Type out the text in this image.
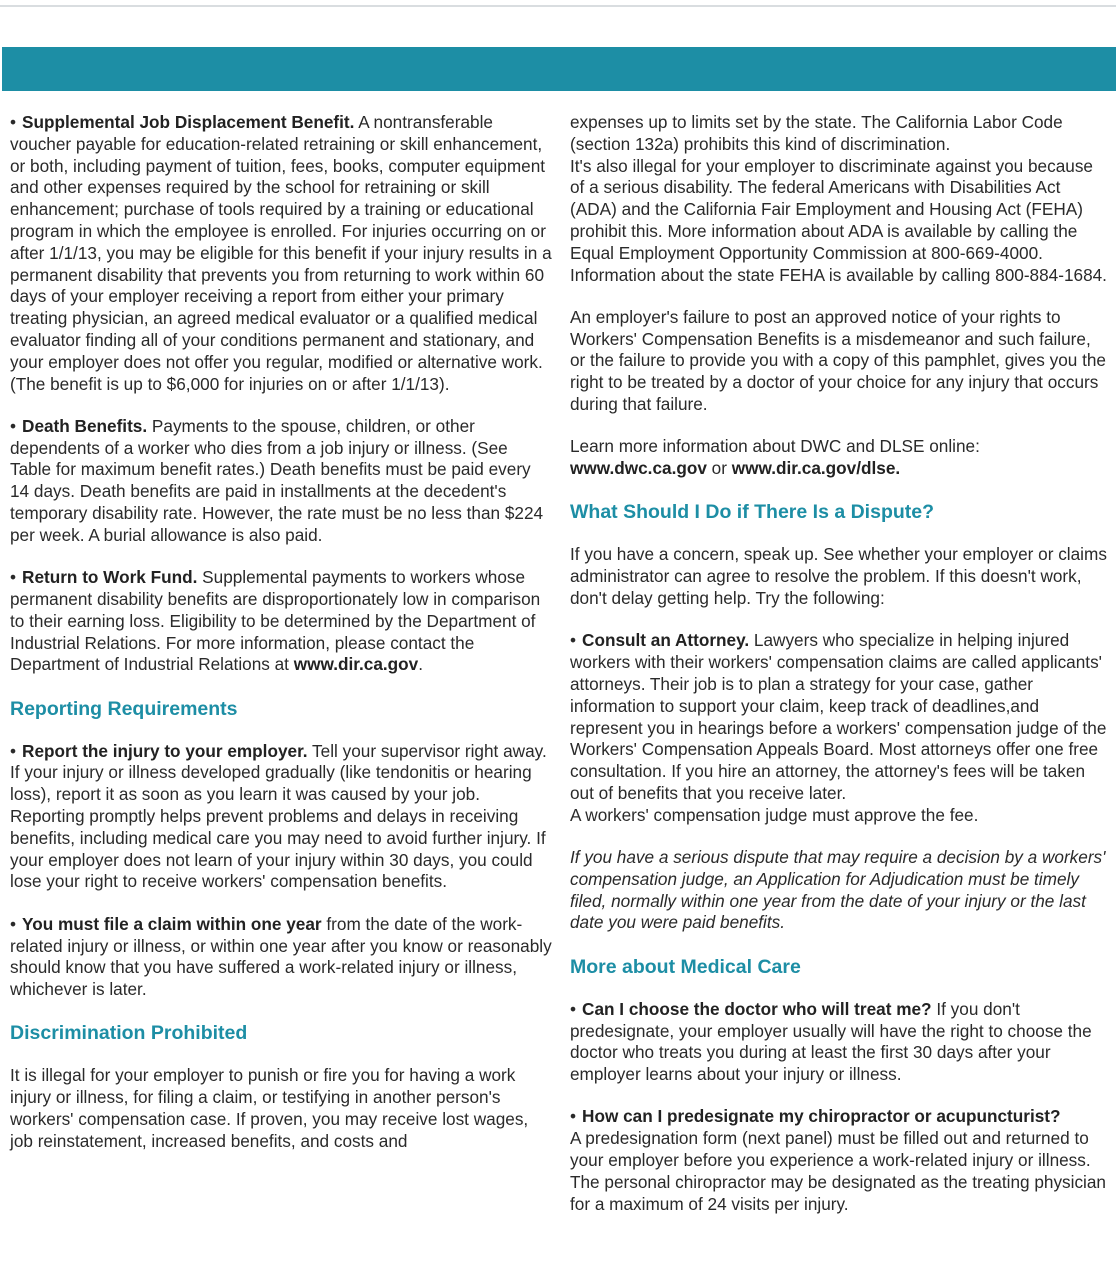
• Supplemental Job Displacement Benefit. A nontransferable voucher payable for education-related retraining or skill enhancement, or both, including payment of tuition, fees, books, computer equipment and other expenses required by the school for retraining or skill enhancement; purchase of tools required by a training or educational program in which the employee is enrolled. For injuries occurring on or after 1/1/13, you may be eligible for this benefit if your injury results in a permanent disability that prevents you from returning to work within 60 days of your employer receiving a report from either your primary treating physician, an agreed medical evaluator or a qualified medical evaluator finding all of your conditions permanent and stationary, and your employer does not offer you regular, modified or alternative work. (The benefit is up to $6,000 for injuries on or after 1/1/13).

• Death Benefits. Payments to the spouse, children, or other dependents of a worker who dies from a job injury or illness. (See Table for maximum benefit rates.) Death benefits must be paid every 14 days. Death benefits are paid in installments at the decedent's temporary disability rate. However, the rate must be no less than $224 per week. A burial allowance is also paid.

• Return to Work Fund. Supplemental payments to workers whose permanent disability benefits are disproportionately low in comparison to their earning loss. Eligibility to be determined by the Department of Industrial Relations. For more information, please contact the Department of Industrial Relations at www.dir.ca.gov.

Reporting Requirements

• Report the injury to your employer. Tell your supervisor right away. If your injury or illness developed gradually (like tendonitis or hearing loss), report it as soon as you learn it was caused by your job. Reporting promptly helps prevent problems and delays in receiving benefits, including medical care you may need to avoid further injury. If your employer does not learn of your injury within 30 days, you could lose your right to receive workers' compensation benefits.

• You must file a claim within one year from the date of the work-related injury or illness, or within one year after you know or reasonably should know that you have suffered a work-related injury or illness, whichever is later.

Discrimination Prohibited

It is illegal for your employer to punish or fire you for having a work injury or illness, for filing a claim, or testifying in another person's workers' compensation case. If proven, you may receive lost wages, job reinstatement, increased benefits, and costs and

expenses up to limits set by the state. The California Labor Code (section 132a) prohibits this kind of discrimination.

It's also illegal for your employer to discriminate against you because of a serious disability. The federal Americans with Disabilities Act (ADA) and the California Fair Employment and Housing Act (FEHA) prohibit this. More information about ADA is available by calling the Equal Employment Opportunity Commission at 800-669-4000. Information about the state FEHA is available by calling 800-884-1684.

An employer's failure to post an approved notice of your rights to Workers' Compensation Benefits is a misdemeanor and such failure, or the failure to provide you with a copy of this pamphlet, gives you the right to be treated by a doctor of your choice for any injury that occurs during that failure.

Learn more information about DWC and DLSE online:
www.dwc.ca.gov or www.dir.ca.gov/dlse.

What Should I Do if There Is a Dispute?

If you have a concern, speak up. See whether your employer or claims administrator can agree to resolve the problem. If this doesn't work, don't delay getting help. Try the following:

• Consult an Attorney. Lawyers who specialize in helping injured workers with their workers' compensation claims are called applicants' attorneys. Their job is to plan a strategy for your case, gather information to support your claim, keep track of deadlines,and represent you in hearings before a workers' compensation judge of the Workers' Compensation Appeals Board. Most attorneys offer one free consultation. If you hire an attorney, the attorney's fees will be taken out of benefits that you receive later.

A workers' compensation judge must approve the fee.

If you have a serious dispute that may require a decision by a workers' compensation judge, an Application for Adjudication must be timely filed, normally within one year from the date of your injury or the last date you were paid benefits.

More about Medical Care

• Can I choose the doctor who will treat me? If you don't predesignate, your employer usually will have the right to choose the doctor who treats you during at least the first 30 days after your employer learns about your injury or illness.

• How can I predesignate my chiropractor or acupuncturist?
A predesignation form (next panel) must be filled out and returned to your employer before you experience a work-related injury or illness.

The personal chiropractor may be designated as the treating physician for a maximum of 24 visits per injury.
